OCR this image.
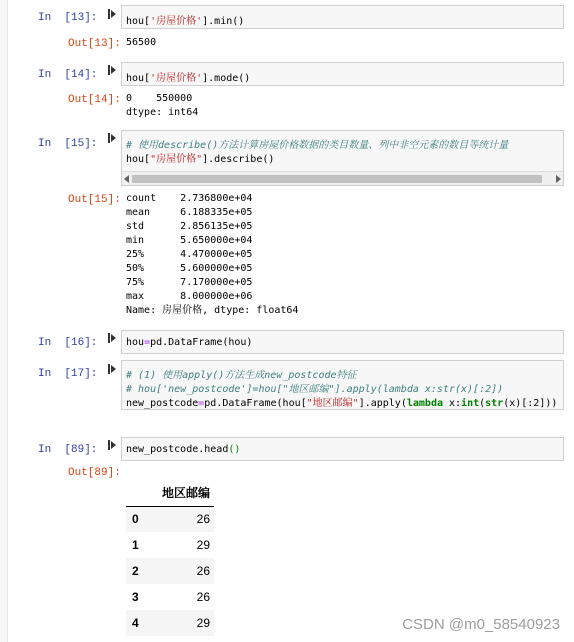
In  [13]:	hou['房屋价格'].min()
Out[13]: 56500
In  [14]:	hou['房屋价格'].mode()
Out[14]: 0    550000
dtype: int64
In  [15]:	# 使用describe()方法计算房屋价格数据的类目数量、列中非空元素的数目等统计量
hou["房屋价格"].describe()
Out[15]: count    2.736800e+04
mean     6.188335e+05
std      2.856135e+05
min      5.650000e+04
25%      4.470000e+05
50%      5.600000e+05
75%      7.170000e+05
max      8.000000e+06
Name: 房屋价格, dtype: float64
In  [16]:	hou=pd.DataFrame(hou)
In  [17]:	# (1) 使用apply()方法生成new_postcode特征
# hou['new_postcode']=hou["地区邮编"].apply(lambda x:str(x)[:2])
new_postcode=pd.DataFrame(hou["地区邮编"].apply(lambda x:int(str(x)[:2]))
In  [89]:	new_postcode.head()
Out[89]:
	地区邮编
0	26
1	29
2	26
3	26
4	29	CSDN @m0_58540923
